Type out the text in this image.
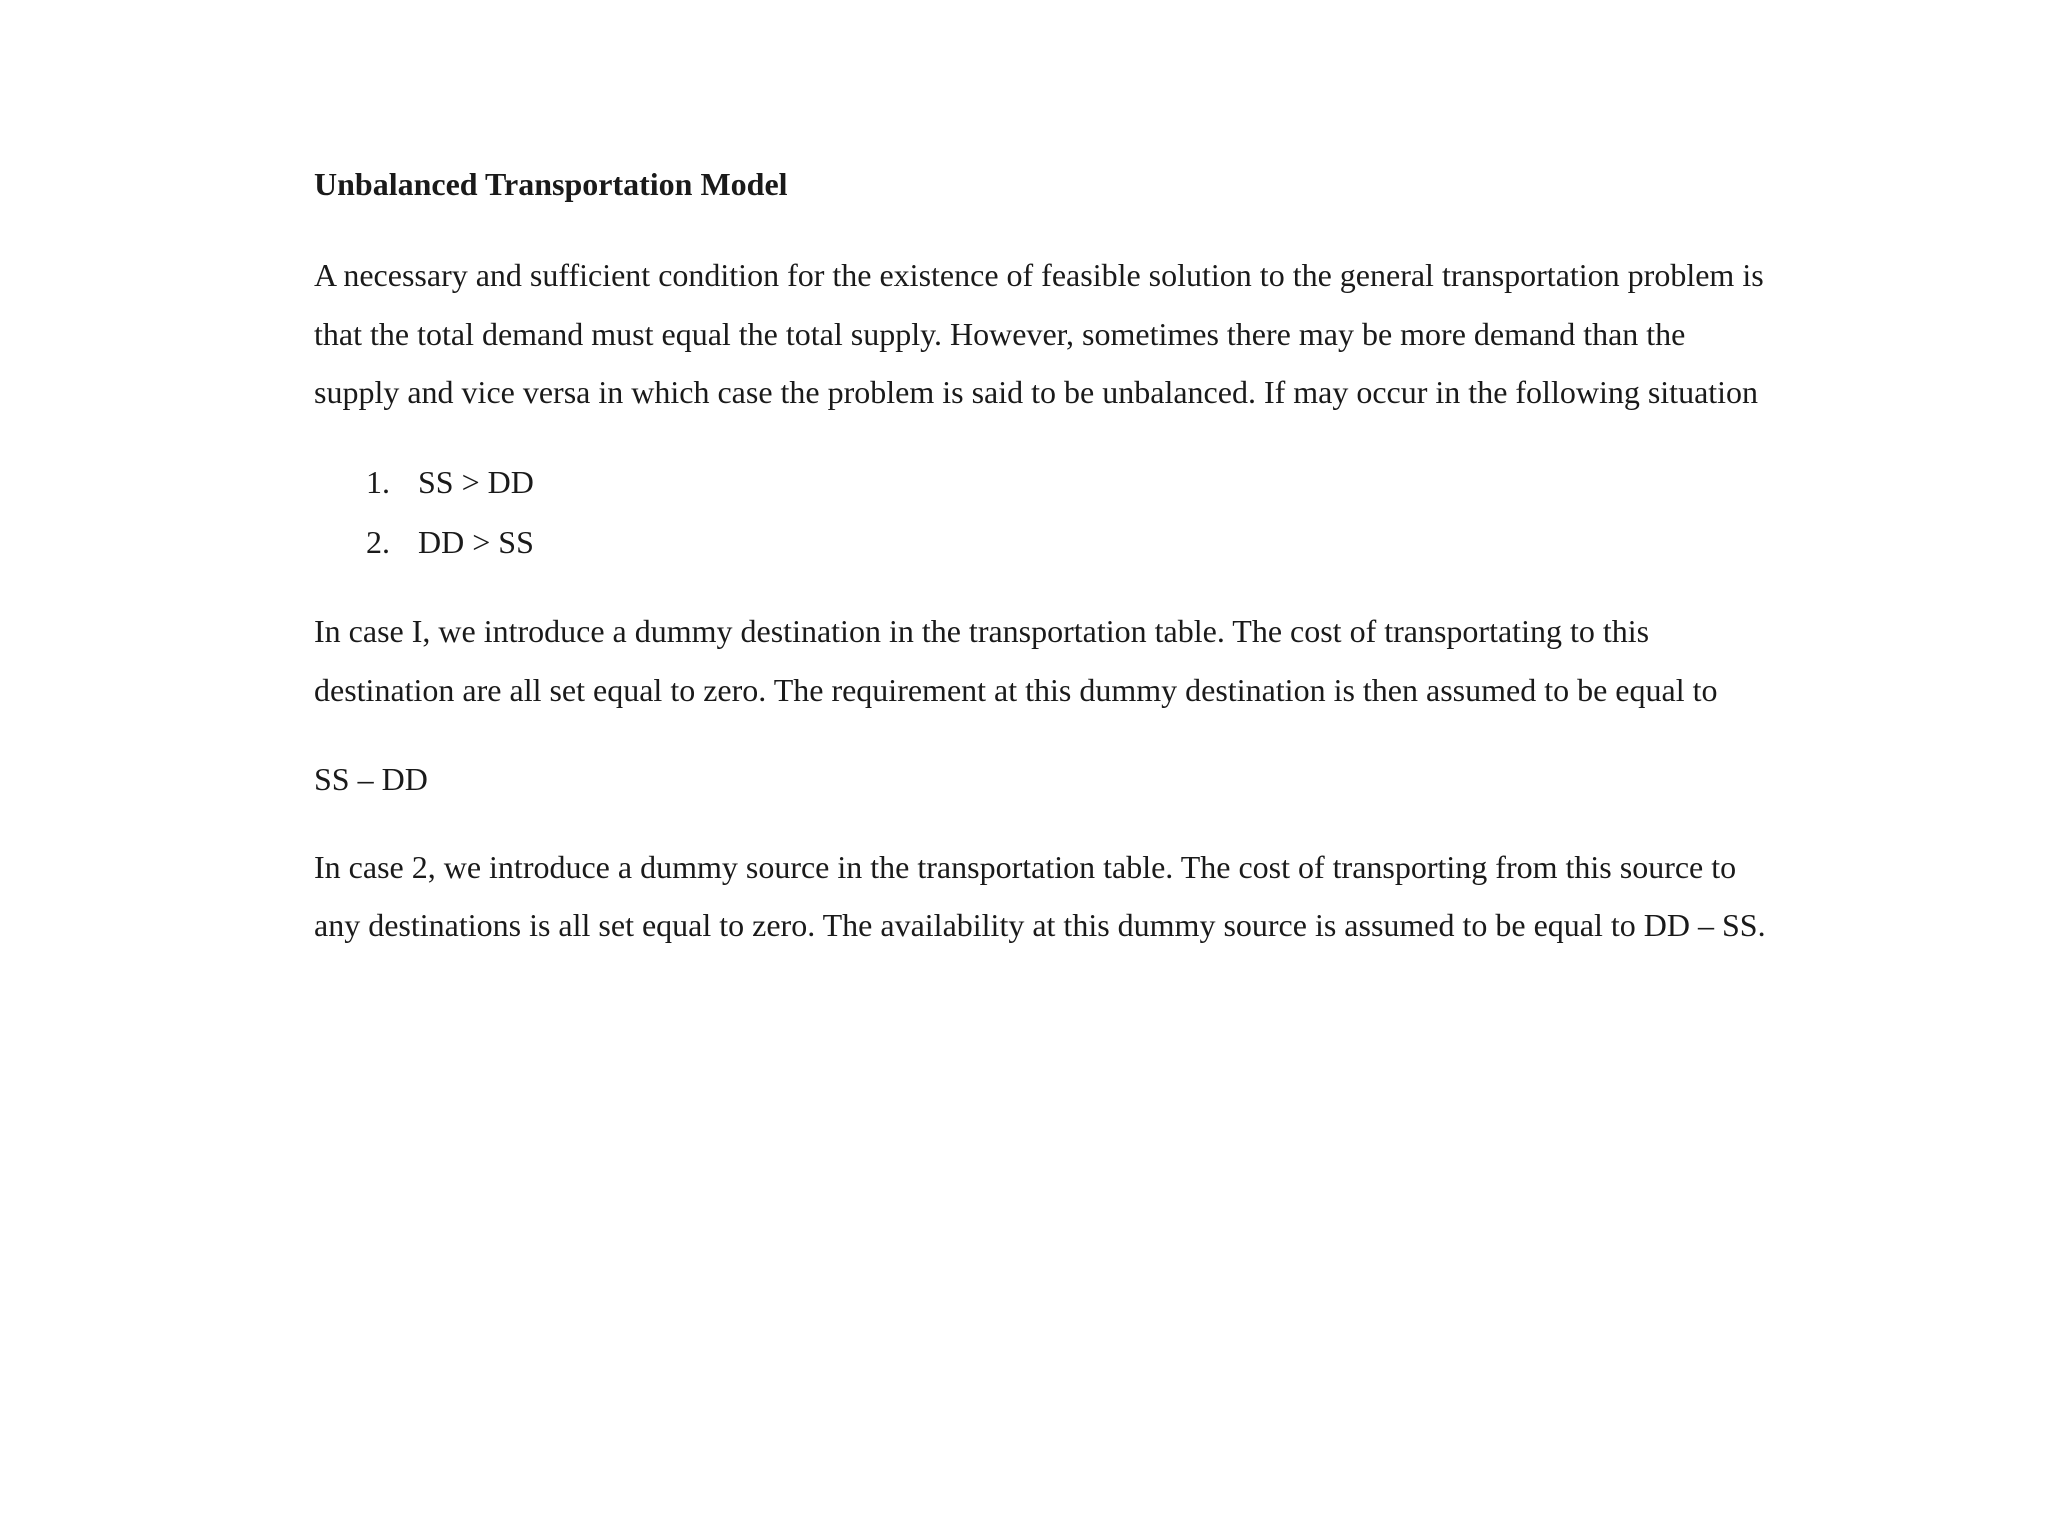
Unbalanced Transportation Model

A necessary and sufficient condition for the existence of feasible solution to the general transportation problem is that the total demand must equal the total supply. However, sometimes there may be more demand than the supply and vice versa in which case the problem is said to be unbalanced. If may occur in the following situation

1. SS > DD
2. DD > SS

In case I, we introduce a dummy destination in the transportation table. The cost of transportating to this destination are all set equal to zero. The requirement at this dummy destination is then assumed to be equal to

SS – DD

In case 2, we introduce a dummy source in the transportation table. The cost of transporting from this source to any destinations is all set equal to zero. The availability at this dummy source is assumed to be equal to DD – SS.
